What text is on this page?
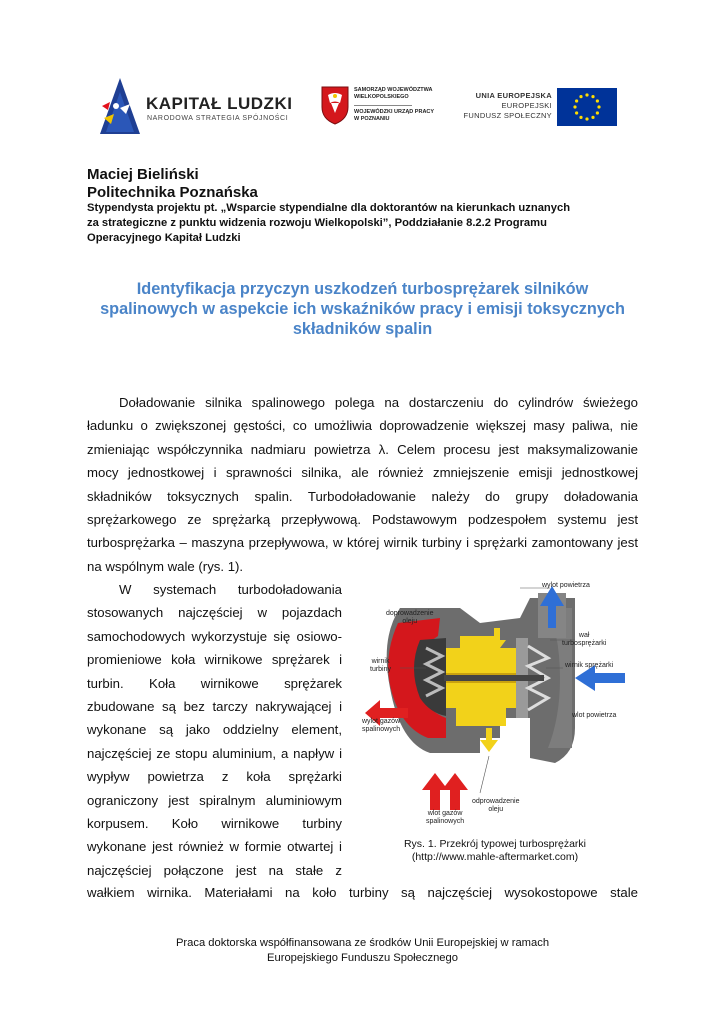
KAPITAŁ LUDZKI
NARODOWA STRATEGIA SPÓJNOŚCI
SAMORZĄD WOJEWÓDZTWA
WIELKOPOLSKIEGO
WOJEWÓDZKI URZĄD PRACY
W POZNANIU
UNIA EUROPEJSKA
EUROPEJSKI
FUNDUSZ SPOŁECZNY
Maciej Bieliński
Politechnika Poznańska
Stypendysta projektu pt. „Wsparcie stypendialne dla doktorantów na kierunkach uznanych
za strategiczne z punktu widzenia rozwoju Wielkopolski”, Poddziałanie 8.2.2 Programu
Operacyjnego Kapitał Ludzki
Identyfikacja przyczyn uszkodzeń turbosprężarek silników
spalinowych w aspekcie ich wskaźników pracy i emisji toksycznych
składników spalin
Doładowanie silnika spalinowego polega na dostarczeniu do cylindrów świeżego
ładunku o zwiększonej gęstości, co umożliwia doprowadzenie większej masy paliwa, nie
zmieniając współczynnika nadmiaru powietrza λ. Celem procesu jest maksymalizowanie
mocy jednostkowej i sprawności silnika, ale również zmniejszenie emisji jednostkowej
składników toksycznych spalin. Turbodoładowanie należy do grupy doładowania
sprężarkowego ze sprężarką przepływową. Podstawowym podzespołem systemu jest
turbosprężarka – maszyna przepływowa, w której wirnik turbiny i sprężarki zamontowany jest
na wspólnym wale (rys. 1).
W systemach turbodoładowania
stosowanych najczęściej w pojazdach
samochodowych wykorzystuje się osiowo-
promieniowe koła wirnikowe sprężarek i
turbin. Koła wirnikowe sprężarek
zbudowane są bez tarczy nakrywającej i
wykonane są jako oddzielny element,
najczęściej ze stopu aluminium, a napływ i
wypływ powietrza z koła sprężarki
ograniczony jest spiralnym aluminiowym
korpusem. Koło wirnikowe turbiny
wykonane jest również w formie otwartej i
najczęściej połączone jest na stałe z
wałkiem wirnika. Materiałami na koło turbiny są najczęściej wysokostopowe stale
wylot powietrza
doprowadzenie
oleju
wał
turbosprężarki
wirnik
turbiny
wirnik sprężarki
wylot gazów
spalinowych
wlot powietrza
odprowadzenie
oleju
wlot gazów
spalinowych
Rys. 1. Przekrój typowej turbosprężarki
(http://www.mahle-aftermarket.com)
Praca doktorska współfinansowana ze środków Unii Europejskiej w ramach
Europejskiego Funduszu Społecznego
